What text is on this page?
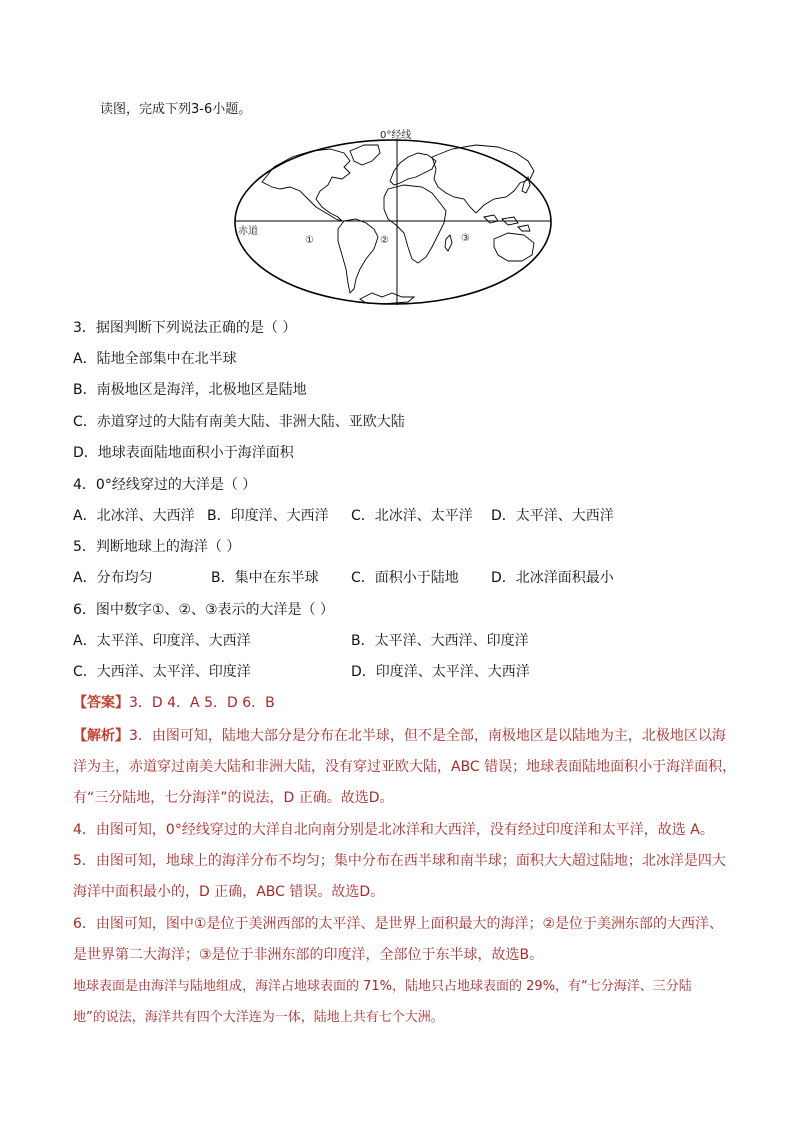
读图，完成下列3-6小题。
0°经线
赤道
①	②	③
3．据图判断下列说法正确的是（ ）
A．陆地全部集中在北半球
B．南极地区是海洋，北极地区是陆地
C．赤道穿过的大陆有南美大陆、非洲大陆、亚欧大陆
D．地球表面陆地面积小于海洋面积
4．0°经线穿过的大洋是（ ）
A．北冰洋、大西洋 B．印度洋、大西洋 C．北冰洋、太平洋 D．太平洋、大西洋
5．判断地球上的海洋（ ）
A．分布均匀	B．集中在东半球 C．面积小于陆地 D．北冰洋面积最小
6．图中数字①、②、③表示的大洋是（ ）
A．太平洋、印度洋、大西洋	B．太平洋、大西洋、印度洋
C．大西洋、太平洋、印度洋	D．印度洋、太平洋、大西洋
【答案】3．D 4．A 5．D 6．B
【解析】3．由图可知，陆地大部分是分布在北半球，但不是全部，南极地区是以陆地为主，北极地区以海
洋为主，赤道穿过南美大陆和非洲大陆，没有穿过亚欧大陆，ABC 错误；地球表面陆地面积小于海洋面积，
有“三分陆地，七分海洋”的说法，D 正确。故选D。
4．由图可知，0°经线穿过的大洋自北向南分别是北冰洋和大西洋，没有经过印度洋和太平洋，故选 A。
5．由图可知，地球上的海洋分布不均匀；集中分布在西半球和南半球；面积大大超过陆地；北冰洋是四大
海洋中面积最小的，D 正确，ABC 错误。故选D。
6．由图可知，图中①是位于美洲西部的太平洋、是世界上面积最大的海洋；②是位于美洲东部的大西洋、
是世界第二大海洋；③是位于非洲东部的印度洋，全部位于东半球，故选B。
地球表面是由海洋与陆地组成，海洋占地球表面的 71%，陆地只占地球表面的 29%，有“七分海洋、三分陆
地”的说法，海洋共有四个大洋连为一体，陆地上共有七个大洲。
